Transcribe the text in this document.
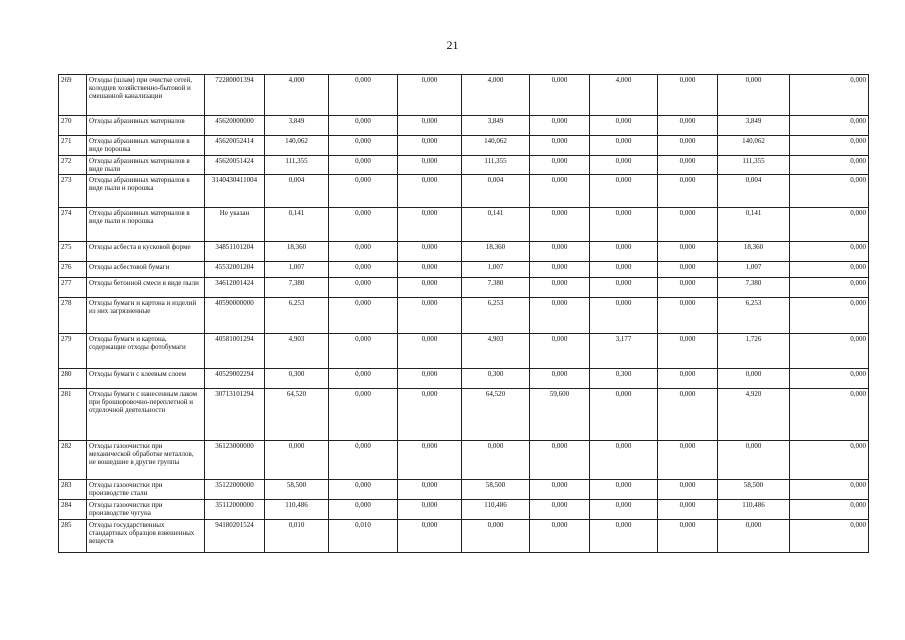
21
269	Отходы (шлам) при очистке сетей, колодцев хозяйственно-бытовой и смешанной канализации	72280001394	4,000	0,000	0,000	4,000	0,000	4,000	0,000	0,000	0,000
270	Отходы абразивных материалов	45620000000	3,849	0,000	0,000	3,849	0,000	0,000	0,000	3,849	0,000
271	Отходы абразивных материалов в виде порошка	45620052414	140,062	0,000	0,000	140,062	0,000	0,000	0,000	140,062	0,000
272	Отходы абразивных материалов в виде пыли	45620051424	111,355	0,000	0,000	111,355	0,000	0,000	0,000	111,355	0,000
273	Отходы абразивных материалов в виде пыли и порошка	3140430411004	0,004	0,000	0,000	0,004	0,000	0,000	0,000	0,004	0,000
274	Отходы абразивных материалов в виде пыли и порошка	Не указан	0,141	0,000	0,000	0,141	0,000	0,000	0,000	0,141	0,000
275	Отходы асбеста в кусковой форме	34851101204	18,360	0,000	0,000	18,360	0,000	0,000	0,000	18,360	0,000
276	Отходы асбестовой бумаги	45532001204	1,007	0,000	0,000	1,007	0,000	0,000	0,000	1,007	0,000
277	Отходы бетонной смеси в виде пыли	34612001424	7,380	0,000	0,000	7,380	0,000	0,000	0,000	7,380	0,000
278	Отходы бумаги и картона и изделий из них загрязненные	40590000000	6,253	0,000	0,000	6,253	0,000	0,000	0,000	6,253	0,000
279	Отходы бумаги и картона, содержащие отходы фотобумаги	40581001294	4,903	0,000	0,000	4,903	0,000	3,177	0,000	1,726	0,000
280	Отходы бумаги с клеевым слоем	40529002294	0,300	0,000	0,000	0,300	0,000	0,300	0,000	0,000	0,000
281	Отходы бумаги с нанесенным лаком при брошюровочно-переплетной и отделочной деятельности	30713101294	64,520	0,000	0,000	64,520	59,600	0,000	0,000	4,920	0,000
282	Отходы газоочистки при механической обработке металлов, не вошедшие в другие группы	36123000000	0,000	0,000	0,000	0,000	0,000	0,000	0,000	0,000	0,000
283	Отходы газоочистки при производстве стали	35122000000	58,500	0,000	0,000	58,500	0,000	0,000	0,000	58,500	0,000
284	Отходы газоочистки при производстве чугуна	35112000000	110,486	0,000	0,000	110,486	0,000	0,000	0,000	110,486	0,000
285	Отходы государственных стандартных образцов взвешенных веществ	94180201524	0,010	0,010	0,000	0,000	0,000	0,000	0,000	0,000	0,000
